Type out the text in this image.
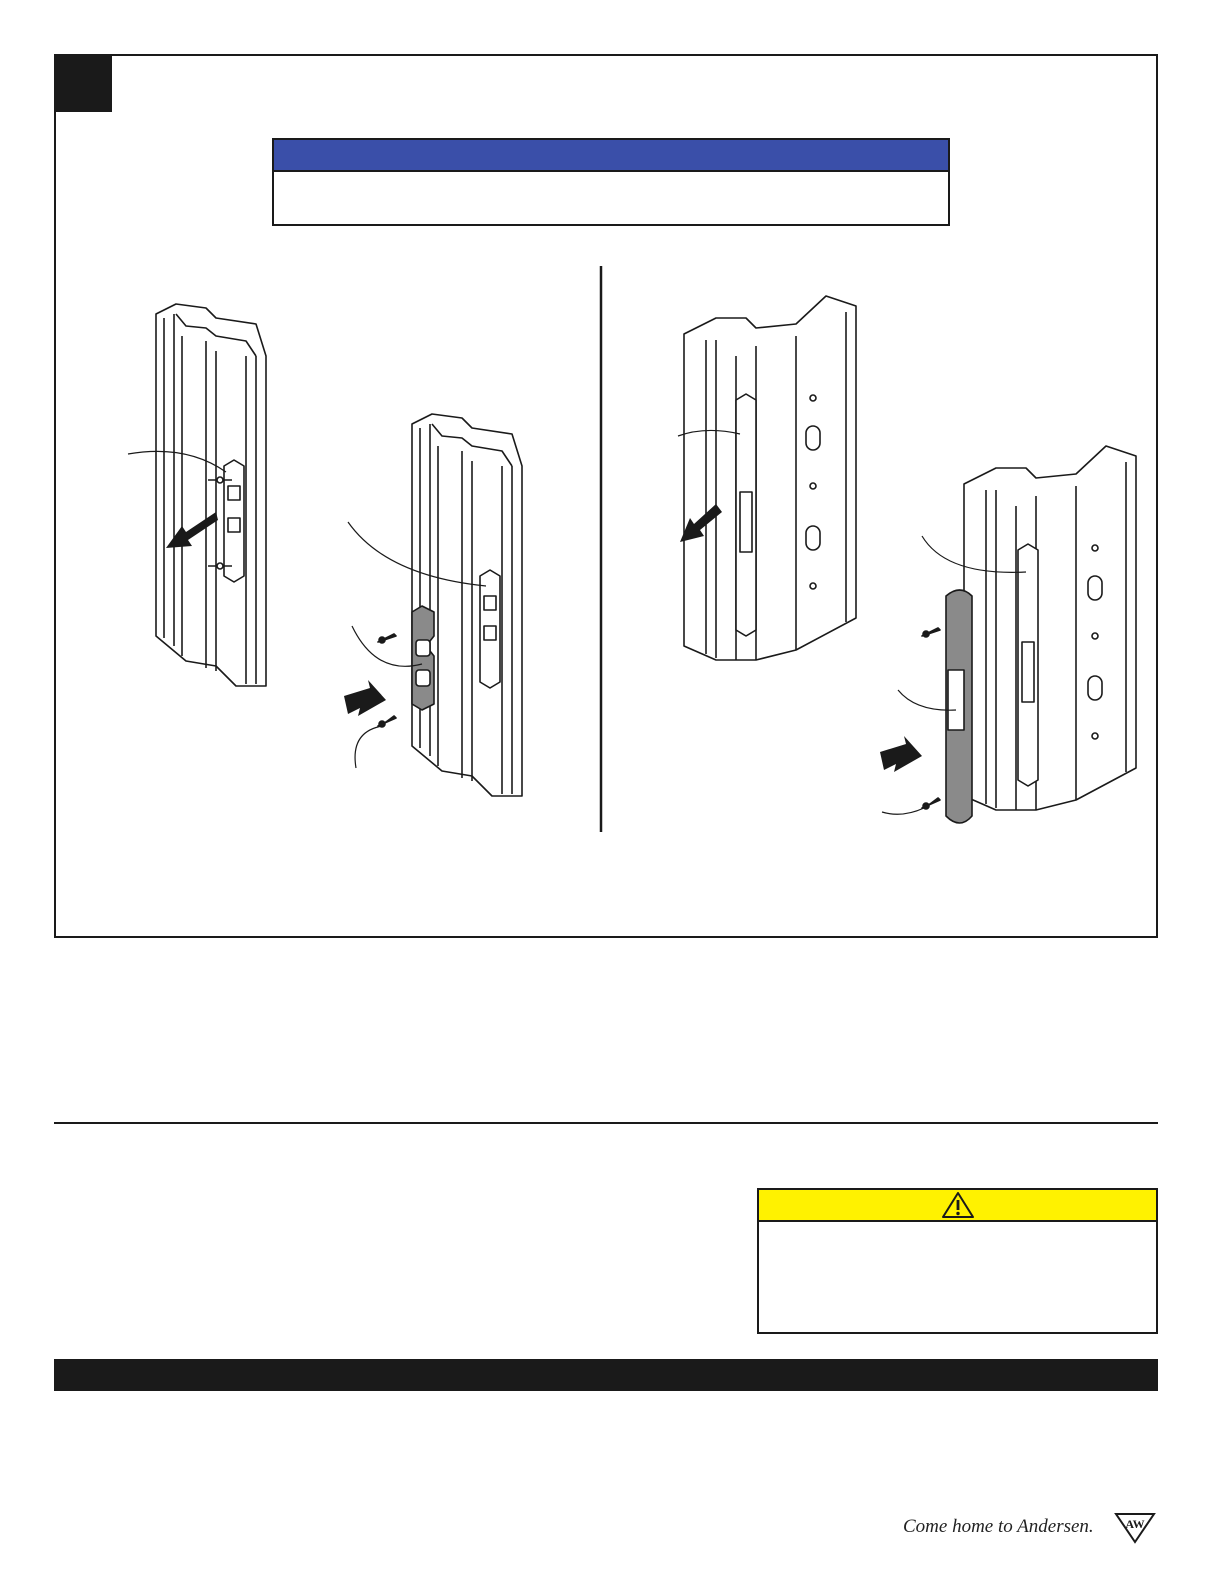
Come home to Andersen.	AW
